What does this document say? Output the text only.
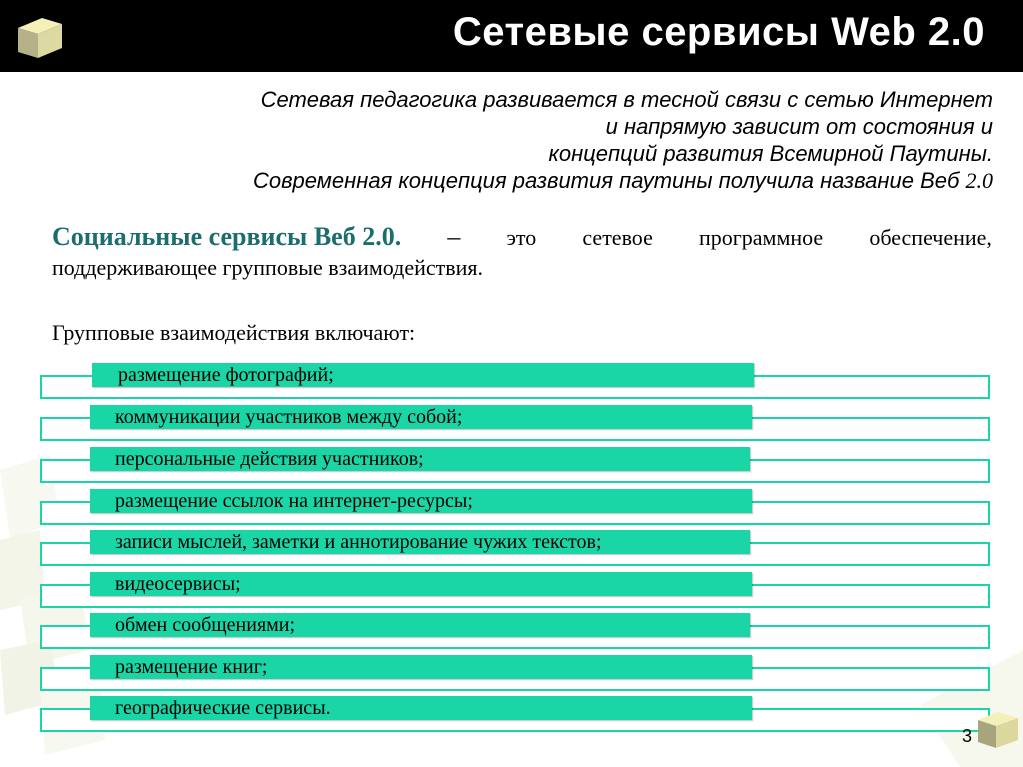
Сетевые сервисы Web 2.0
Сетевая педагогика развивается в тесной связи с сетью Интернет
и напрямую зависит от состояния и
концепций развития Всемирной Паутины.
Современная концепция развития паутины получила название Веб 2.0
Социальные сервисы Веб 2.0. – это сетевое программное обеспечение,
поддерживающее групповые взаимодействия.
Групповые взаимодействия включают:
размещение фотографий;
коммуникации участников между собой;
персональные действия участников;
размещение ссылок на интернет-ресурсы;
записи мыслей, заметки и аннотирование чужих текстов;
видеосервисы;
обмен сообщениями;
размещение книг;
географические сервисы.
3
